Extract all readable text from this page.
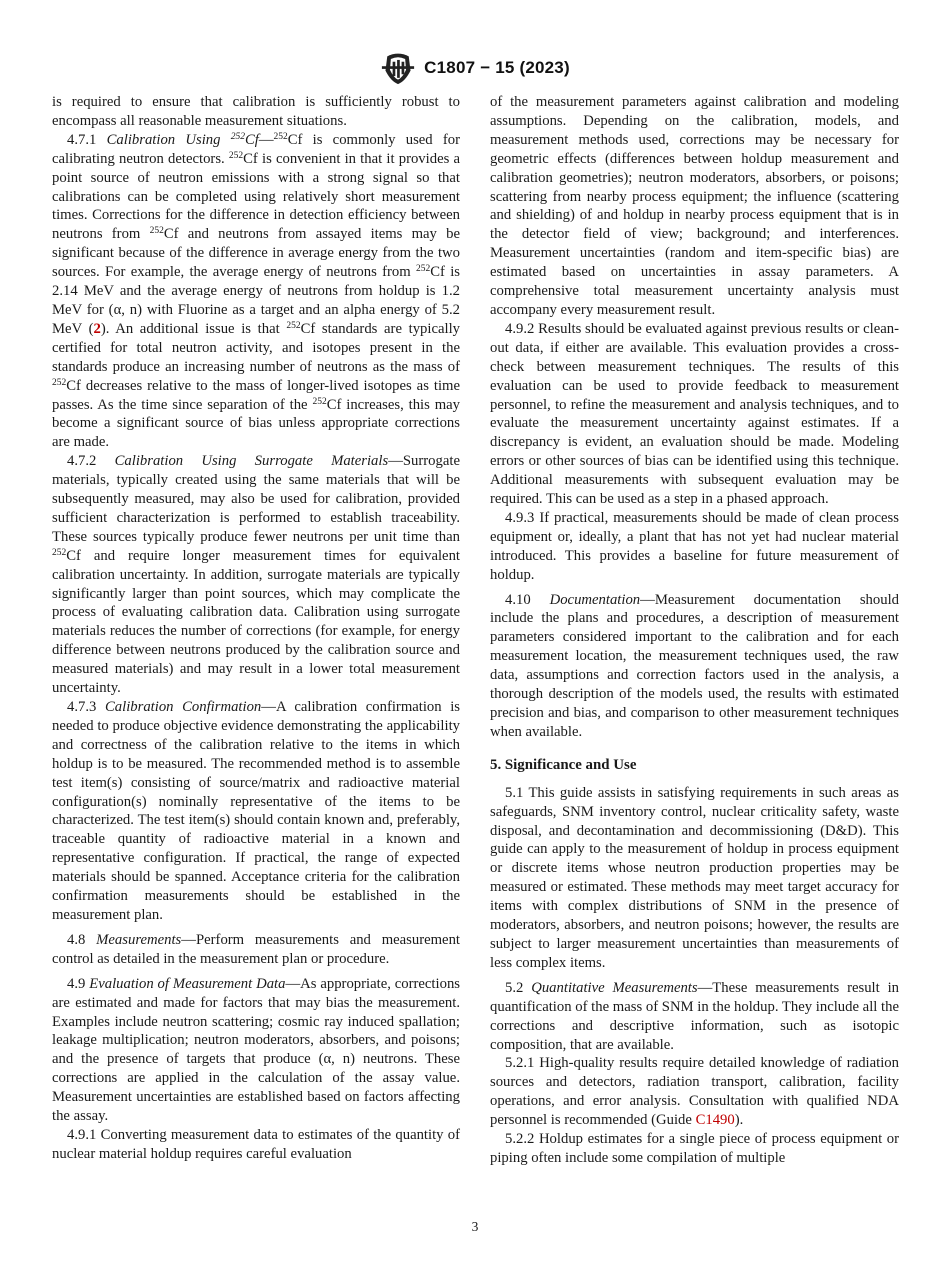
C1807 − 15 (2023)

is required to ensure that calibration is sufficiently robust to encompass all reasonable measurement situations.

4.7.1 Calibration Using $^{252}$Cf—$^{252}$Cf is commonly used for calibrating neutron detectors. $^{252}$Cf is convenient in that it provides a point source of neutron emissions with a strong signal so that calibrations can be completed using relatively short measurement times. Corrections for the difference in detection efficiency between neutrons from $^{252}$Cf and neutrons from assayed items may be significant because of the difference in average energy from the two sources. For example, the average energy of neutrons from $^{252}$Cf is 2.14 MeV and the average energy of neutrons from holdup is 1.2 MeV for (α, n) with Fluorine as a target and an alpha energy of 5.2 MeV (2). An additional issue is that $^{252}$Cf standards are typically certified for total neutron activity, and isotopes present in the standards produce an increasing number of neutrons as the mass of $^{252}$Cf decreases relative to the mass of longer-lived isotopes as time passes. As the time since separation of the $^{252}$Cf increases, this may become a significant source of bias unless appropriate corrections are made.

4.7.2 Calibration Using Surrogate Materials—Surrogate materials, typically created using the same materials that will be subsequently measured, may also be used for calibration, provided sufficient characterization is performed to establish traceability. These sources typically produce fewer neutrons per unit time than $^{252}$Cf and require longer measurement times for equivalent calibration uncertainty. In addition, surrogate materials are typically significantly larger than point sources, which may complicate the process of evaluating calibration data. Calibration using surrogate materials reduces the number of corrections (for example, for energy difference between neutrons produced by the calibration source and measured materials) and may result in a lower total measurement uncertainty.

4.7.3 Calibration Confirmation—A calibration confirmation is needed to produce objective evidence demonstrating the applicability and correctness of the calibration relative to the items in which holdup is to be measured. The recommended method is to assemble test item(s) consisting of source/matrix and radioactive material configuration(s) nominally representative of the items to be characterized. The test item(s) should contain known and, preferably, traceable quantity of radioactive material in a known and representative configuration. If practical, the range of expected materials should be spanned. Acceptance criteria for the calibration confirmation measurements should be established in the measurement plan.

4.8 Measurements—Perform measurements and measurement control as detailed in the measurement plan or procedure.

4.9 Evaluation of Measurement Data—As appropriate, corrections are estimated and made for factors that may bias the measurement. Examples include neutron scattering; cosmic ray induced spallation; leakage multiplication; neutron moderators, absorbers, and poisons; and the presence of targets that produce (α, n) neutrons. These corrections are applied in the calculation of the assay value. Measurement uncertainties are established based on factors affecting the assay.

4.9.1 Converting measurement data to estimates of the quantity of nuclear material holdup requires careful evaluation

of the measurement parameters against calibration and modeling assumptions. Depending on the calibration, models, and measurement methods used, corrections may be necessary for geometric effects (differences between holdup measurement and calibration geometries); neutron moderators, absorbers, or poisons; scattering from nearby process equipment; the influence (scattering and shielding) of and holdup in nearby process equipment that is in the detector field of view; background; and interferences. Measurement uncertainties (random and item-specific bias) are estimated based on uncertainties in assay parameters. A comprehensive total measurement uncertainty analysis must accompany every measurement result.

4.9.2 Results should be evaluated against previous results or clean-out data, if either are available. This evaluation provides a cross-check between measurement techniques. The results of this evaluation can be used to provide feedback to measurement personnel, to refine the measurement and analysis techniques, and to evaluate the measurement uncertainty against estimates. If a discrepancy is evident, an evaluation should be made. Modeling errors or other sources of bias can be identified using this technique. Additional measurements with subsequent evaluation may be required. This can be used as a step in a phased approach.

4.9.3 If practical, measurements should be made of clean process equipment or, ideally, a plant that has not yet had nuclear material introduced. This provides a baseline for future measurement of holdup.

4.10 Documentation—Measurement documentation should include the plans and procedures, a description of measurement parameters considered important to the calibration and for each measurement location, the measurement techniques used, the raw data, assumptions and correction factors used in the analysis, a thorough description of the models used, the results with estimated precision and bias, and comparison to other measurement techniques when available.

5. Significance and Use

5.1 This guide assists in satisfying requirements in such areas as safeguards, SNM inventory control, nuclear criticality safety, waste disposal, and decontamination and decommissioning (D&D). This guide can apply to the measurement of holdup in process equipment or discrete items whose neutron production properties may be measured or estimated. These methods may meet target accuracy for items with complex distributions of SNM in the presence of moderators, absorbers, and neutron poisons; however, the results are subject to larger measurement uncertainties than measurements of less complex items.

5.2 Quantitative Measurements—These measurements result in quantification of the mass of SNM in the holdup. They include all the corrections and descriptive information, such as isotopic composition, that are available.

5.2.1 High-quality results require detailed knowledge of radiation sources and detectors, radiation transport, calibration, facility operations, and error analysis. Consultation with qualified NDA personnel is recommended (Guide C1490).

5.2.2 Holdup estimates for a single piece of process equipment or piping often include some compilation of multiple

3
